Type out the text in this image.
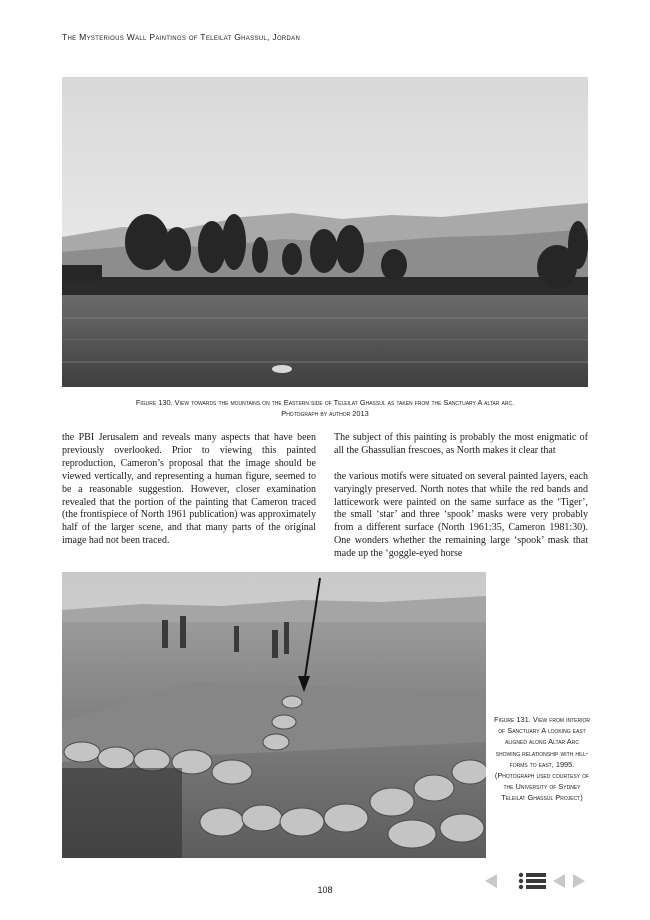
The Mysterious Wall Paintings of Teleilat Ghassul, Jordan
Figure 130. View towards the mountains on the Eastern side of Teleilat Ghassul as taken from the Sanctuary A altar arc.
Photograph by author 2013

the PBI Jerusalem and reveals many aspects that have been previously overlooked. Prior to viewing this painted reproduction, Cameron’s proposal that the image should be viewed vertically, and representing a human figure, seemed to be a reasonable suggestion. However, closer examination revealed that the portion of the painting that Cameron traced (the frontispiece of North 1961 publication) was approximately half of the larger scene, and that many parts of the original image had not been traced.

The subject of this painting is probably the most enigmatic of all the Ghassulian frescoes, as North makes it clear that

the various motifs were situated on several painted layers, each varyingly preserved. North notes that while the red bands and latticework were painted on the same surface as the ‘Tiger’, the small ‘star’ and three ‘spook’ masks were very probably from a different surface (North 1961:35, Cameron 1981:30). One wonders whether the remaining large ‘spook’ mask that made up the ‘goggle-eyed horse

Figure 131. View from interior of Sanctuary A looking east aligned along Altar Arc showing relationship with hill-forms to east, 1995. (Photograph used courtesy of the University of Sydney Teleilat Ghassul Project)
108
